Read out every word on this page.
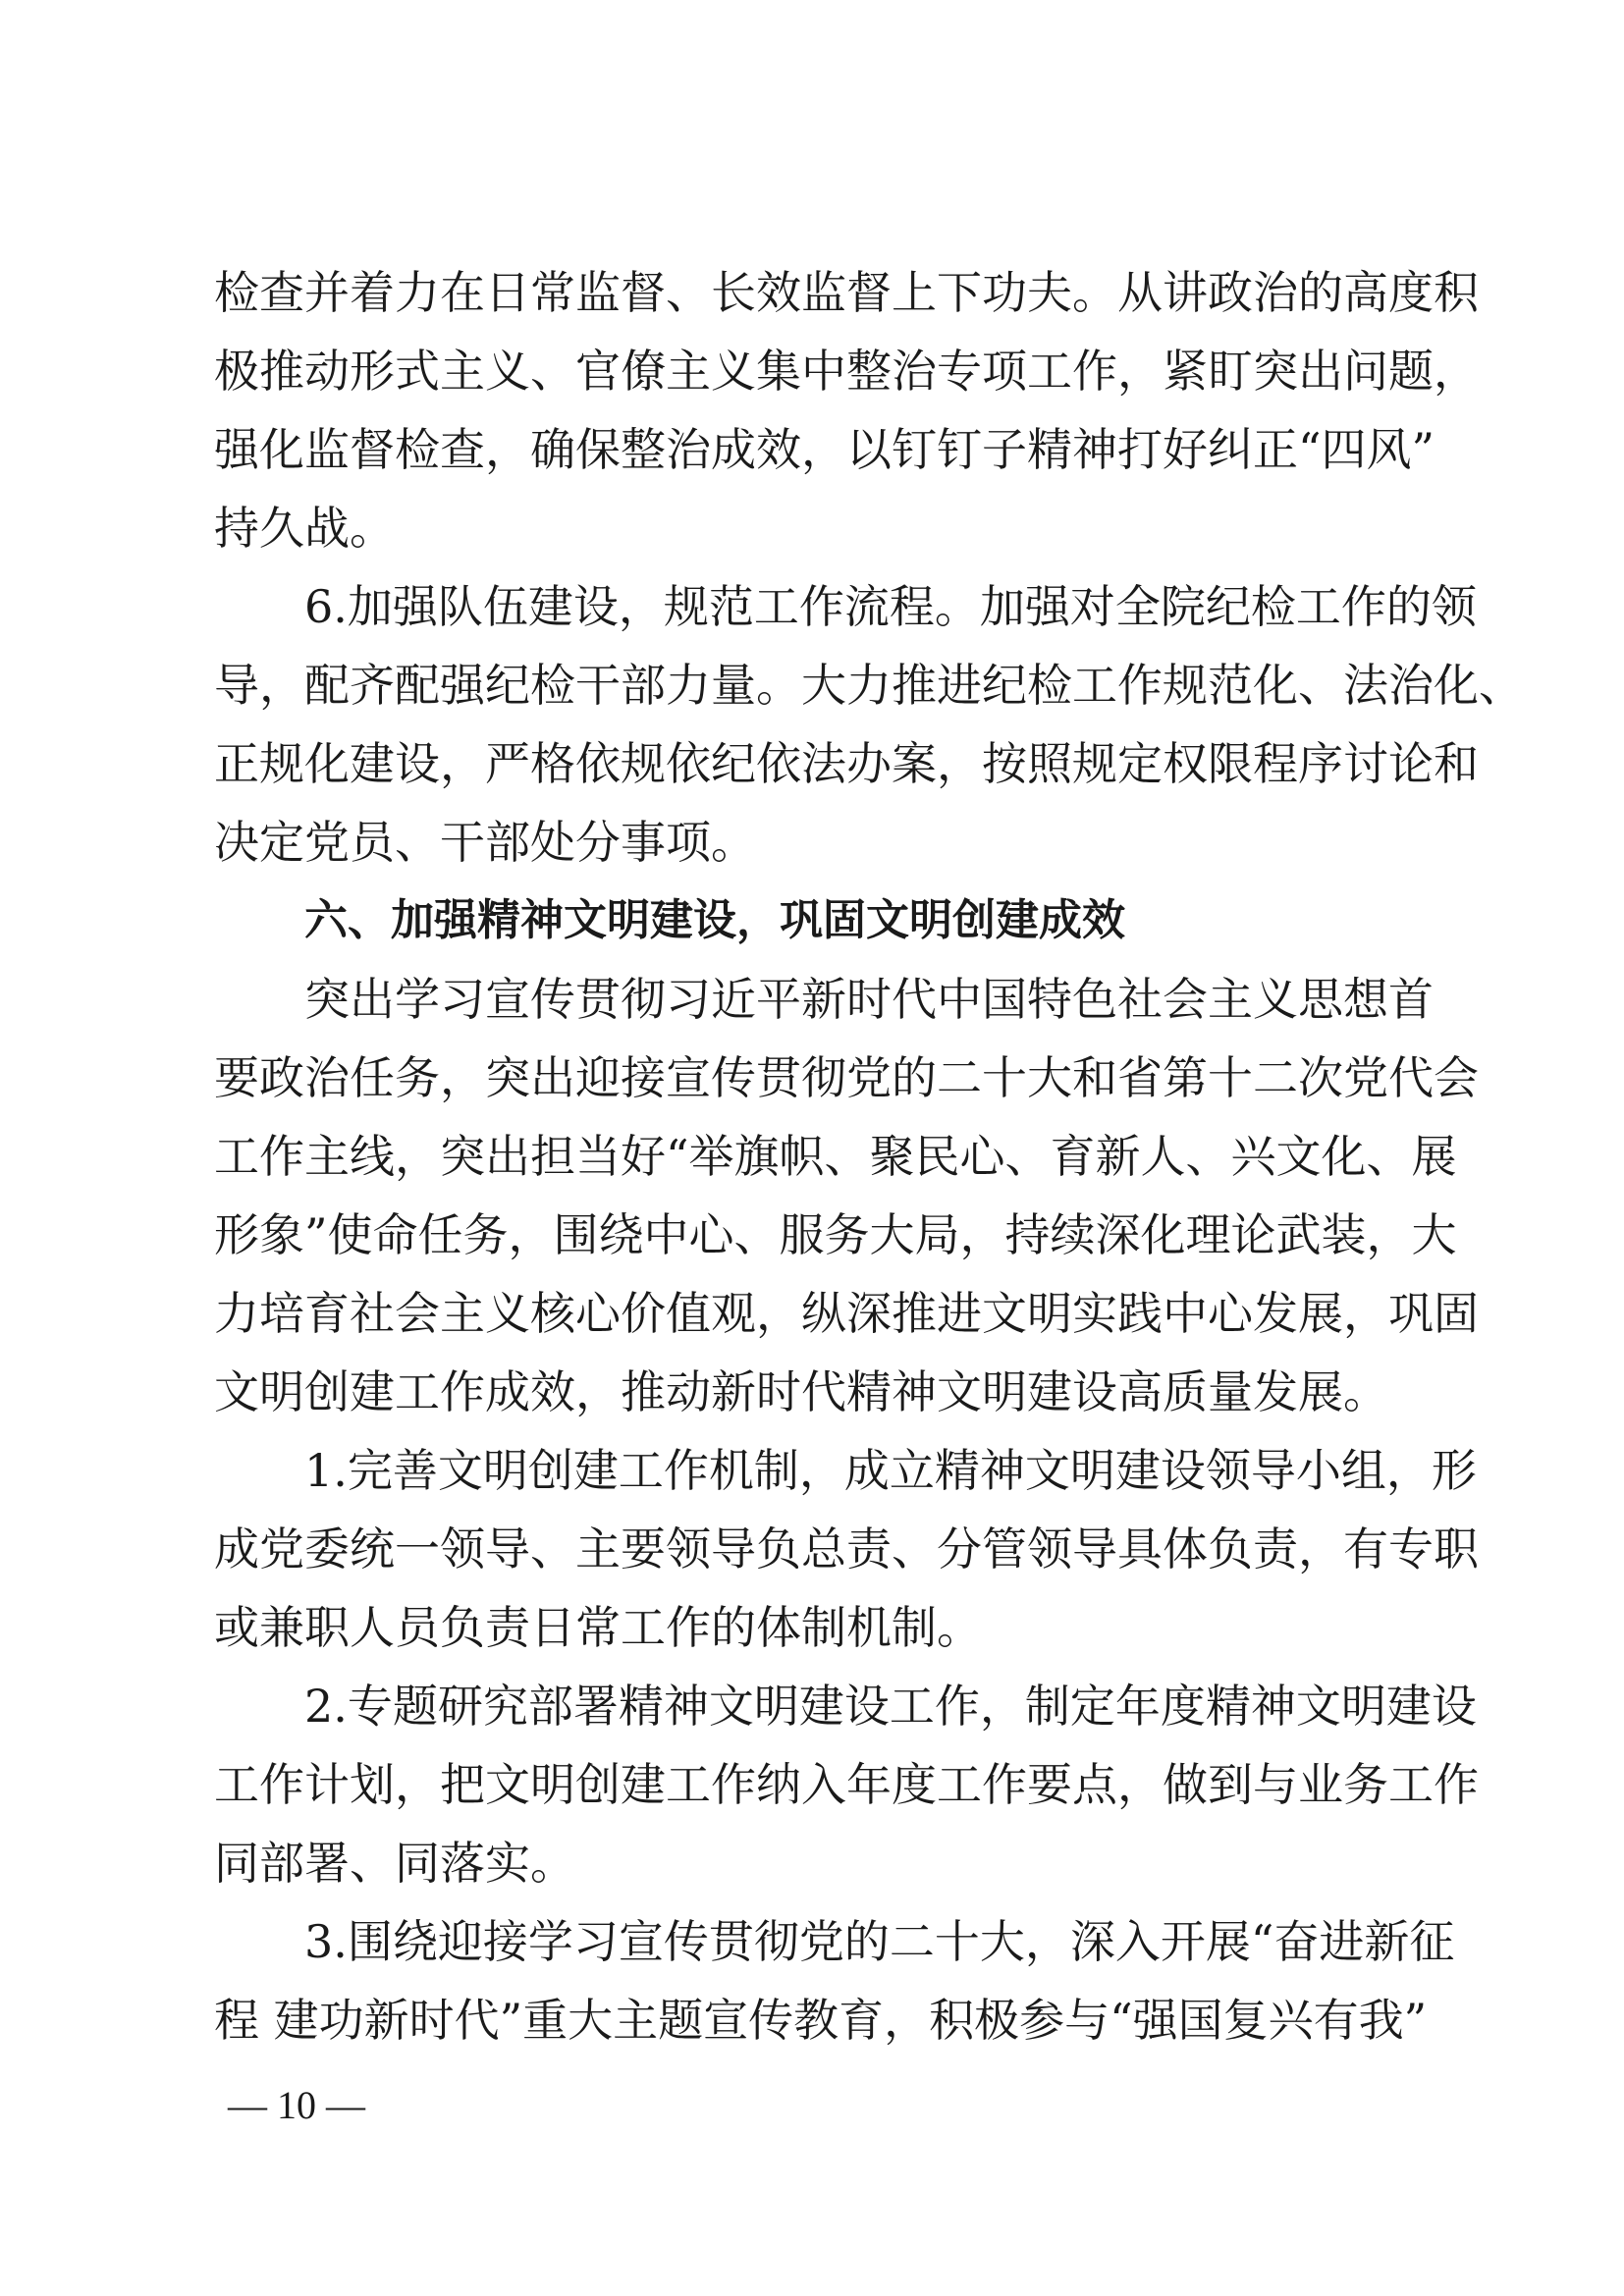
检查并着力在日常监督、长效监督上下功夫。从讲政治的高度积
极推动形式主义、官僚主义集中整治专项工作，紧盯突出问题，
强化监督检查，确保整治成效，以钉钉子精神打好纠正“四风”
持久战。
6.加强队伍建设，规范工作流程。加强对全院纪检工作的领
导，配齐配强纪检干部力量。大力推进纪检工作规范化、法治化、
正规化建设，严格依规依纪依法办案，按照规定权限程序讨论和
决定党员、干部处分事项。
六、加强精神文明建设，巩固文明创建成效
突出学习宣传贯彻习近平新时代中国特色社会主义思想首
要政治任务，突出迎接宣传贯彻党的二十大和省第十二次党代会
工作主线，突出担当好“举旗帜、聚民心、育新人、兴文化、展
形象”使命任务，围绕中心、服务大局，持续深化理论武装，大
力培育社会主义核心价值观，纵深推进文明实践中心发展，巩固
文明创建工作成效，推动新时代精神文明建设高质量发展。
1.完善文明创建工作机制，成立精神文明建设领导小组，形
成党委统一领导、主要领导负总责、分管领导具体负责，有专职
或兼职人员负责日常工作的体制机制。
2.专题研究部署精神文明建设工作，制定年度精神文明建设
工作计划，把文明创建工作纳入年度工作要点，做到与业务工作
同部署、同落实。
3.围绕迎接学习宣传贯彻党的二十大，深入开展“奋进新征
程 建功新时代”重大主题宣传教育，积极参与“强国复兴有我”
— 10 —
